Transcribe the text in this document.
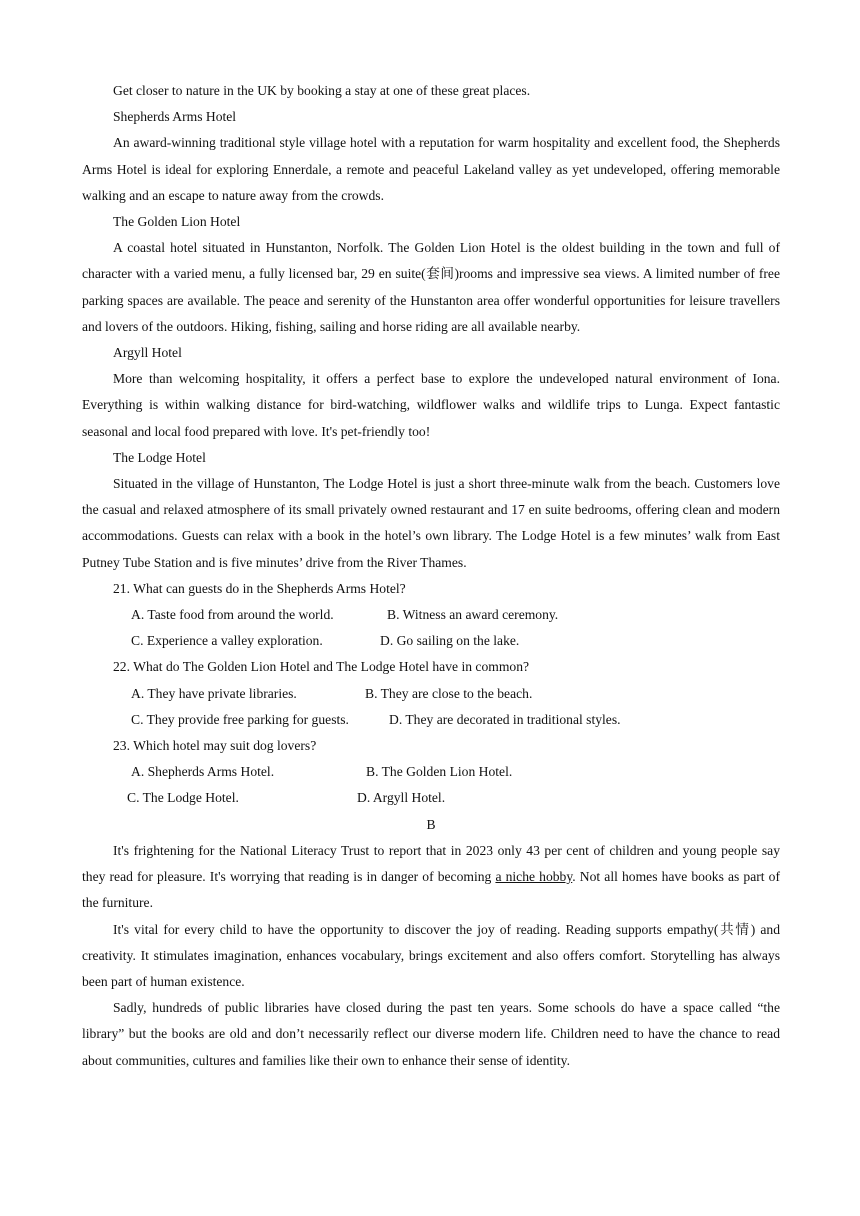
Get closer to nature in the UK by booking a stay at one of these great places.

Shepherds Arms Hotel

An award-winning traditional style village hotel with a reputation for warm hospitality and excellent food, the Shepherds Arms Hotel is ideal for exploring Ennerdale, a remote and peaceful Lakeland valley as yet undeveloped, offering memorable walking and an escape to nature away from the crowds.

The Golden Lion Hotel

A coastal hotel situated in Hunstanton, Norfolk. The Golden Lion Hotel is the oldest building in the town and full of character with a varied menu, a fully licensed bar, 29 en suite(套间)rooms and impressive sea views. A limited number of free parking spaces are available. The peace and serenity of the Hunstanton area offer wonderful opportunities for leisure travellers and lovers of the outdoors. Hiking, fishing, sailing and horse riding are all available nearby.

Argyll Hotel

More than welcoming hospitality, it offers a perfect base to explore the undeveloped natural environment of Iona. Everything is within walking distance for bird-watching, wildflower walks and wildlife trips to Lunga. Expect fantastic seasonal and local food prepared with love. It's pet-friendly too!

The Lodge Hotel

Situated in the village of Hunstanton, The Lodge Hotel is just a short three-minute walk from the beach. Customers love the casual and relaxed atmosphere of its small privately owned restaurant and 17 en suite bedrooms, offering clean and modern accommodations. Guests can relax with a book in the hotel’s own library. The Lodge Hotel is a few minutes’ walk from East Putney Tube Station and is five minutes’ drive from the River Thames.

21. What can guests do in the Shepherds Arms Hotel?

A. Taste food from around the world.	B. Witness an award ceremony.

C. Experience a valley exploration.	D. Go sailing on the lake.

22. What do The Golden Lion Hotel and The Lodge Hotel have in common?

A. They have private libraries.	B. They are close to the beach.

C. They provide free parking for guests.	D. They are decorated in traditional styles.

23. Which hotel may suit dog lovers?

A. Shepherds Arms Hotel.	B. The Golden Lion Hotel.

C. The Lodge Hotel.	D. Argyll Hotel.

B

It's frightening for the National Literacy Trust to report that in 2023 only 43 per cent of children and young people say they read for pleasure. It's worrying that reading is in danger of becoming a niche hobby. Not all homes have books as part of the furniture.

It's vital for every child to have the opportunity to discover the joy of reading. Reading supports empathy(共情) and creativity. It stimulates imagination, enhances vocabulary, brings excitement and also offers comfort. Storytelling has always been part of human existence.

Sadly, hundreds of public libraries have closed during the past ten years. Some schools do have a space called “the library” but the books are old and don’t necessarily reflect our diverse modern life. Children need to have the chance to read about communities, cultures and families like their own to enhance their sense of identity.
